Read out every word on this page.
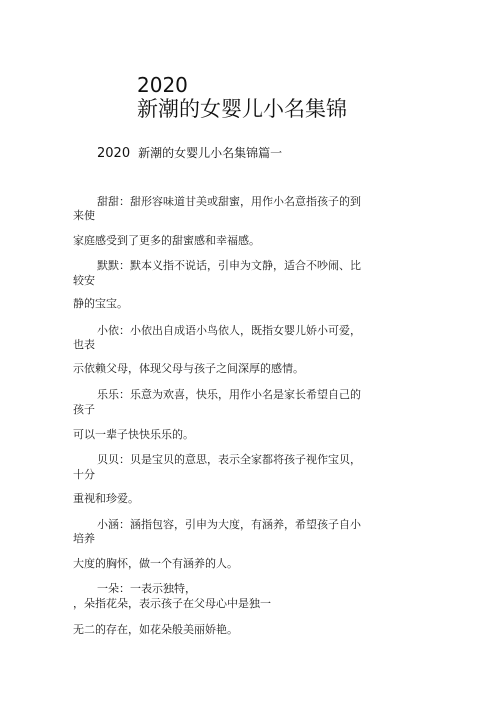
2020
新潮的女婴儿小名集锦
2020 新潮的女婴儿小名集锦篇一
甜甜：甜形容味道甘美或甜蜜，用作小名意指孩子的到
来使
家庭感受到了更多的甜蜜感和幸福感。
默默：默本义指不说话，引申为文静，适合不吵闹、比
较安
静的宝宝。
小依：小依出自成语小鸟依人，既指女婴儿娇小可爱，
也表
示依赖父母，体现父母与孩子之间深厚的感情。
乐乐：乐意为欢喜，快乐，用作小名是家长希望自己的
孩子
可以一辈子快快乐乐的。
贝贝：贝是宝贝的意思，表示全家都将孩子视作宝贝，
十分
重视和珍爱。
小涵：涵指包容，引申为大度，有涵养，希望孩子自小
培养
大度的胸怀，做一个有涵养的人。
一朵：一表示独特，
，朵指花朵，表示孩子在父母心中是独一
无二的存在，如花朵般美丽娇艳。
